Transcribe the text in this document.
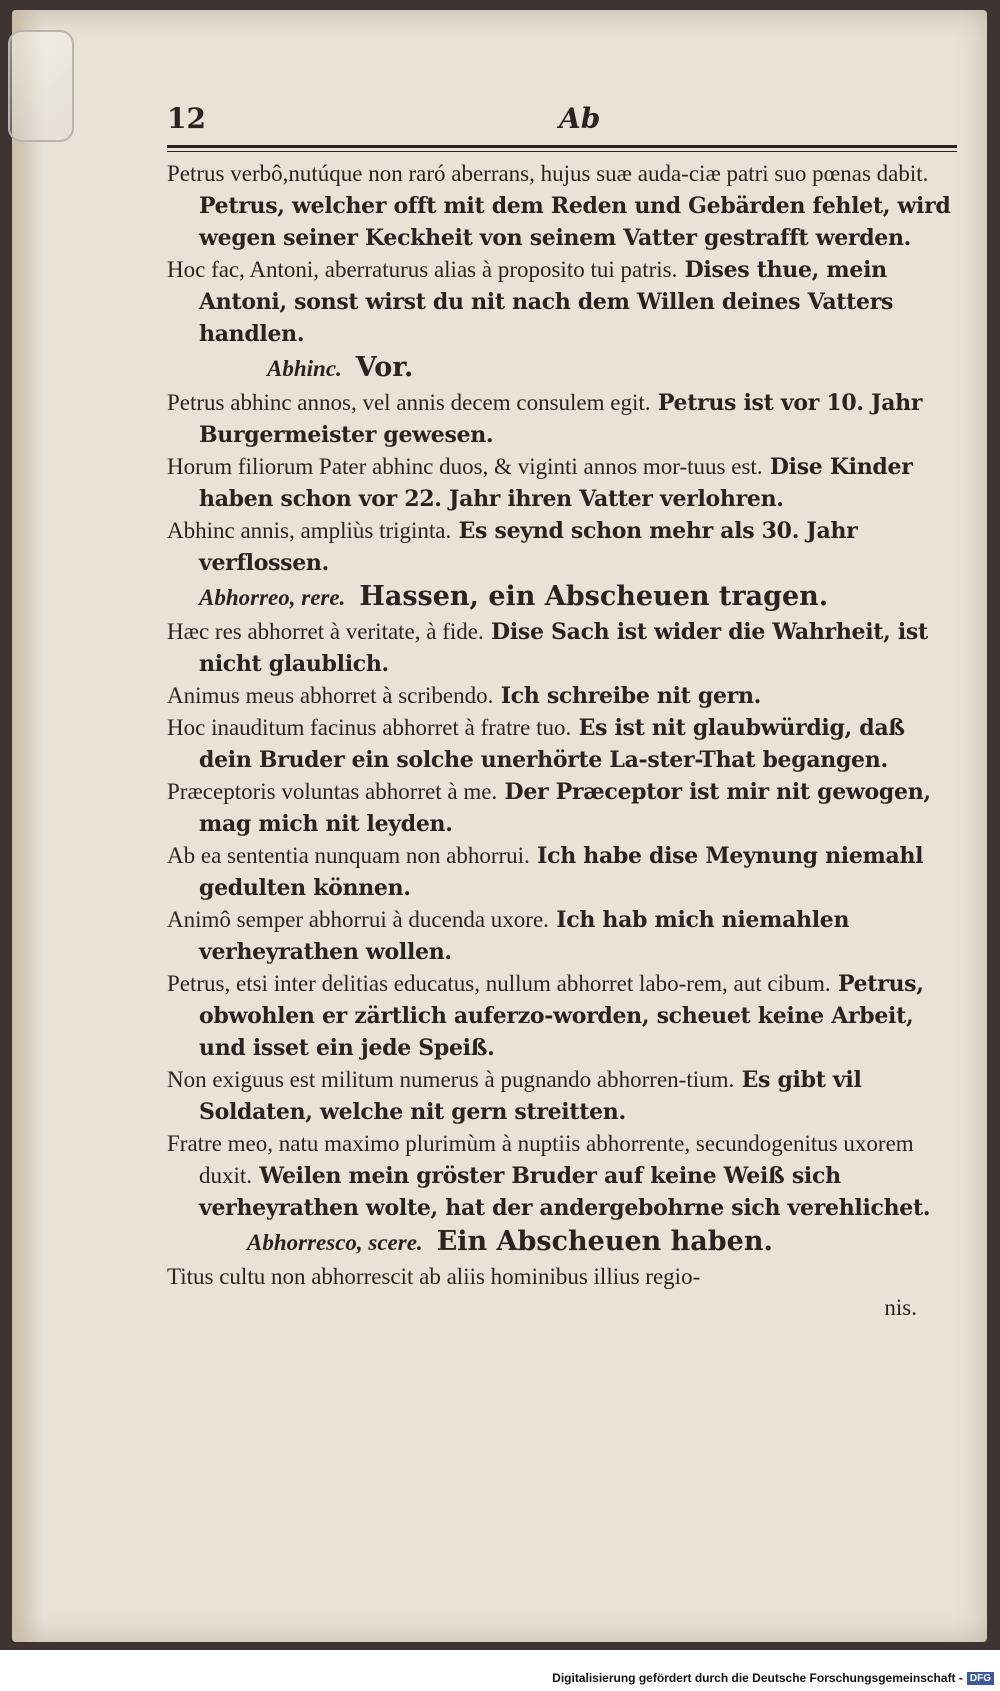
12	Ab

Petrus verbô,nutúque non raró aberrans, hujus suæ auda-ciæ patri suo pœnas dabit. Petrus, welcher offt mit dem Reden und Gebärden fehlet, wird wegen seiner Keckheit von seinem Vatter gestrafft werden.

Hoc fac, Antoni, aberraturus alias à proposito tui patris. Dises thue, mein Antoni, sonst wirst du nit nach dem Willen deines Vatters handlen.

Abhinc. Vor.

Petrus abhinc annos, vel annis decem consulem egit. Petrus ist vor 10. Jahr Burgermeister gewesen.

Horum filiorum Pater abhinc duos, & viginti annos mor-tuus est. Dise Kinder haben schon vor 22. Jahr ihren Vatter verlohren.

Abhinc annis, ampliùs triginta. Es seynd schon mehr als 30. Jahr verflossen.

Abhorreo, rere. Hassen, ein Abscheuen tragen.

Hæc res abhorret à veritate, à fide. Dise Sach ist wider die Wahrheit, ist nicht glaublich.

Animus meus abhorret à scribendo. Ich schreibe nit gern.

Hoc inauditum facinus abhorret à fratre tuo. Es ist nit glaubwürdig, daß dein Bruder ein solche unerhörte La-ster-That begangen.

Præceptoris voluntas abhorret à me. Der Præceptor ist mir nit gewogen, mag mich nit leyden.

Ab ea sententia nunquam non abhorrui. Ich habe dise Meynung niemahl gedulten können.

Animô semper abhorrui à ducenda uxore. Ich hab mich niemahlen verheyrathen wollen.

Petrus, etsi inter delitias educatus, nullum abhorret labo-rem, aut cibum. Petrus, obwohlen er zärtlich auferzo-worden, scheuet keine Arbeit, und isset ein jede Speiß.

Non exiguus est militum numerus à pugnando abhorren-tium. Es gibt vil Soldaten, welche nit gern streitten.

Fratre meo, natu maximo plurimùm à nuptiis abhorrente, secundogenitus uxorem duxit. Weilen mein gröster Bruder auf keine Weiß sich verheyrathen wolte, hat der andergebohrne sich verehlichet.

Abhorresco, scere. Ein Abscheuen haben.

Titus cultu non abhorrescit ab aliis hominibus illius regio-

nis.

Digitalisierung gefördert durch die Deutsche Forschungsgemeinschaft - DFG
